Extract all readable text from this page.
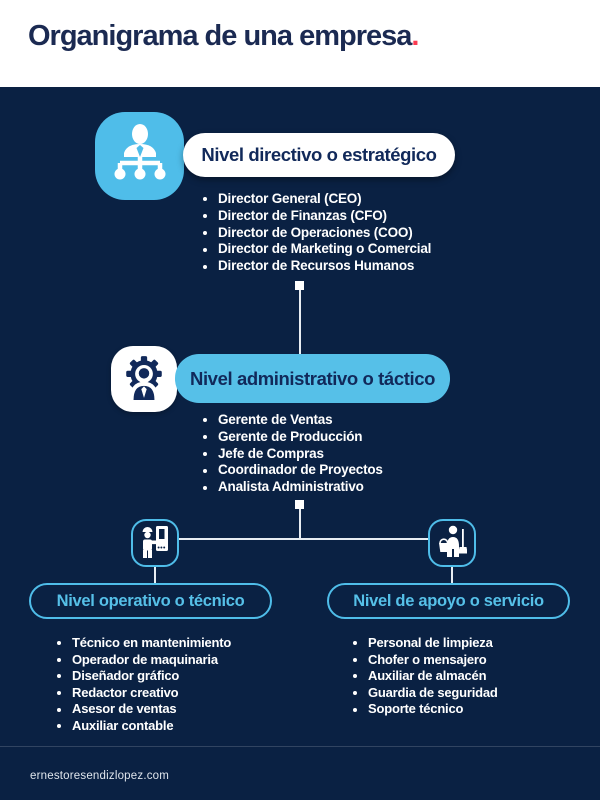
Organigrama de una empresa.
Nivel directivo o estratégico
Director General (CEO)
Director de Finanzas (CFO)
Director de Operaciones (COO)
Director de Marketing o Comercial
Director de Recursos Humanos
Nivel administrativo o táctico
Gerente de Ventas
Gerente de Producción
Jefe de Compras
Coordinador de Proyectos
Analista Administrativo
Nivel operativo o técnico
Técnico en mantenimiento
Operador de maquinaria
Diseñador gráfico
Redactor creativo
Asesor de ventas
Auxiliar contable
Nivel de apoyo o servicio
Personal de limpieza
Chofer o mensajero
Auxiliar de almacén
Guardia de seguridad
Soporte técnico
ernestoresendizlopez.com
